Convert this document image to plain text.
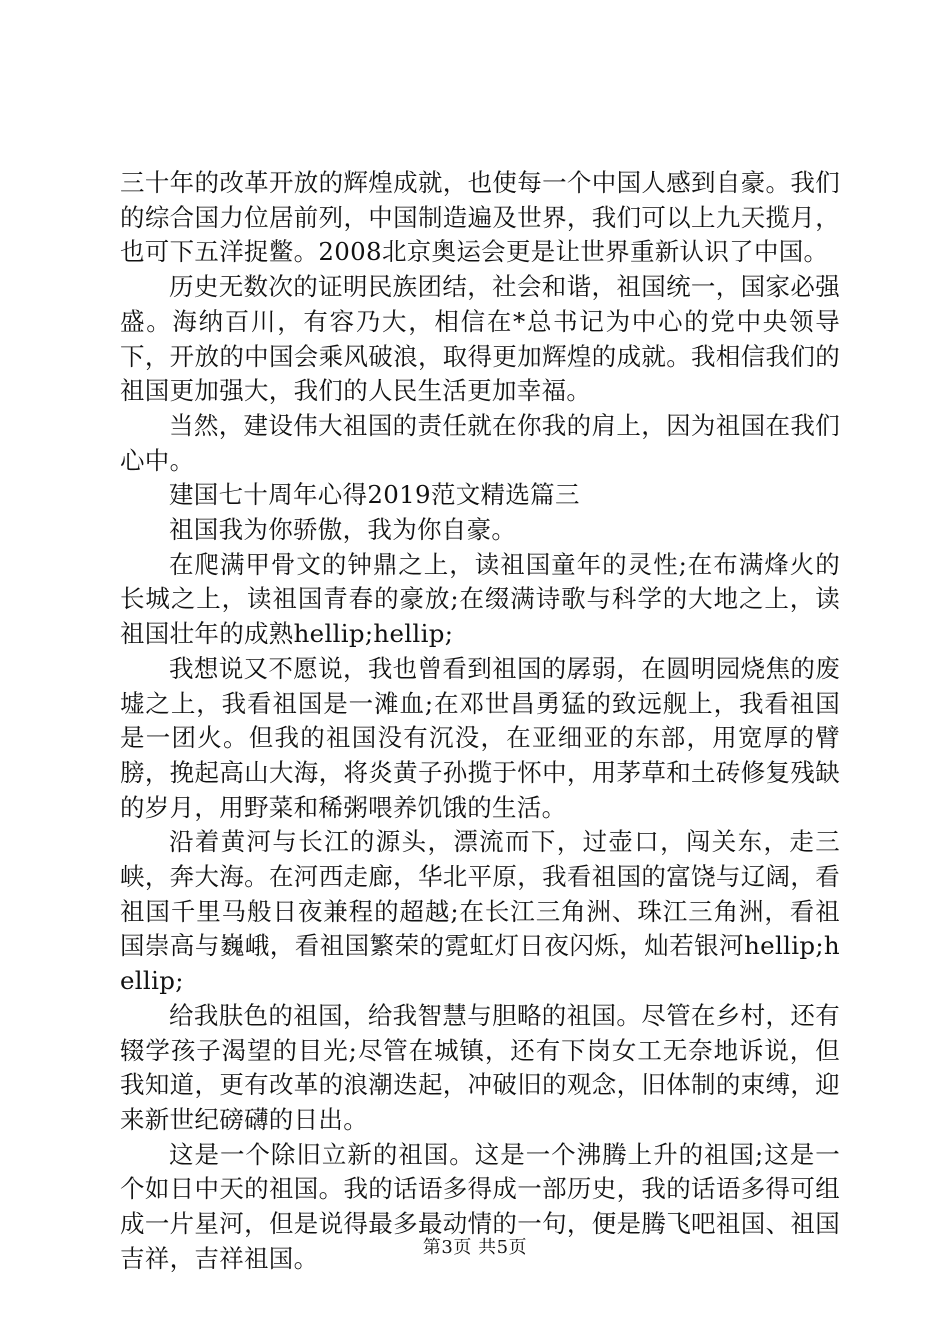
三十年的改革开放的辉煌成就，也使每一个中国人感到自豪。我们的综合国力位居前列，中国制造遍及世界，我们可以上九天揽月，也可下五洋捉鳖。2008北京奥运会更是让世界重新认识了中国。

历史无数次的证明民族团结，社会和谐，祖国统一，国家必强盛。海纳百川，有容乃大，相信在*总书记为中心的党中央领导下，开放的中国会乘风破浪，取得更加辉煌的成就。我相信我们的祖国更加强大，我们的人民生活更加幸福。

当然，建设伟大祖国的责任就在你我的肩上，因为祖国在我们心中。

建国七十周年心得2019范文精选篇三

祖国我为你骄傲，我为你自豪。

在爬满甲骨文的钟鼎之上，读祖国童年的灵性;在布满烽火的长城之上，读祖国青春的豪放;在缀满诗歌与科学的大地之上，读祖国壮年的成熟hellip;hellip;

我想说又不愿说，我也曾看到祖国的孱弱，在圆明园烧焦的废墟之上，我看祖国是一滩血;在邓世昌勇猛的致远舰上，我看祖国是一团火。但我的祖国没有沉没，在亚细亚的东部，用宽厚的臂膀，挽起高山大海，将炎黄子孙揽于怀中，用茅草和土砖修复残缺的岁月，用野菜和稀粥喂养饥饿的生活。

沿着黄河与长江的源头，漂流而下，过壶口，闯关东，走三峡，奔大海。在河西走廊，华北平原，我看祖国的富饶与辽阔，看祖国千里马般日夜兼程的超越;在长江三角洲、珠江三角洲，看祖国崇高与巍峨，看祖国繁荣的霓虹灯日夜闪烁，灿若银河hellip;hellip;

给我肤色的祖国，给我智慧与胆略的祖国。尽管在乡村，还有辍学孩子渴望的目光;尽管在城镇，还有下岗女工无奈地诉说，但我知道，更有改革的浪潮迭起，冲破旧的观念，旧体制的束缚，迎来新世纪磅礴的日出。

这是一个除旧立新的祖国。这是一个沸腾上升的祖国;这是一个如日中天的祖国。我的话语多得成一部历史，我的话语多得可组成一片星河，但是说得最多最动情的一句，便是腾飞吧祖国、祖国吉祥，吉祥祖国。	第3页 共5页
